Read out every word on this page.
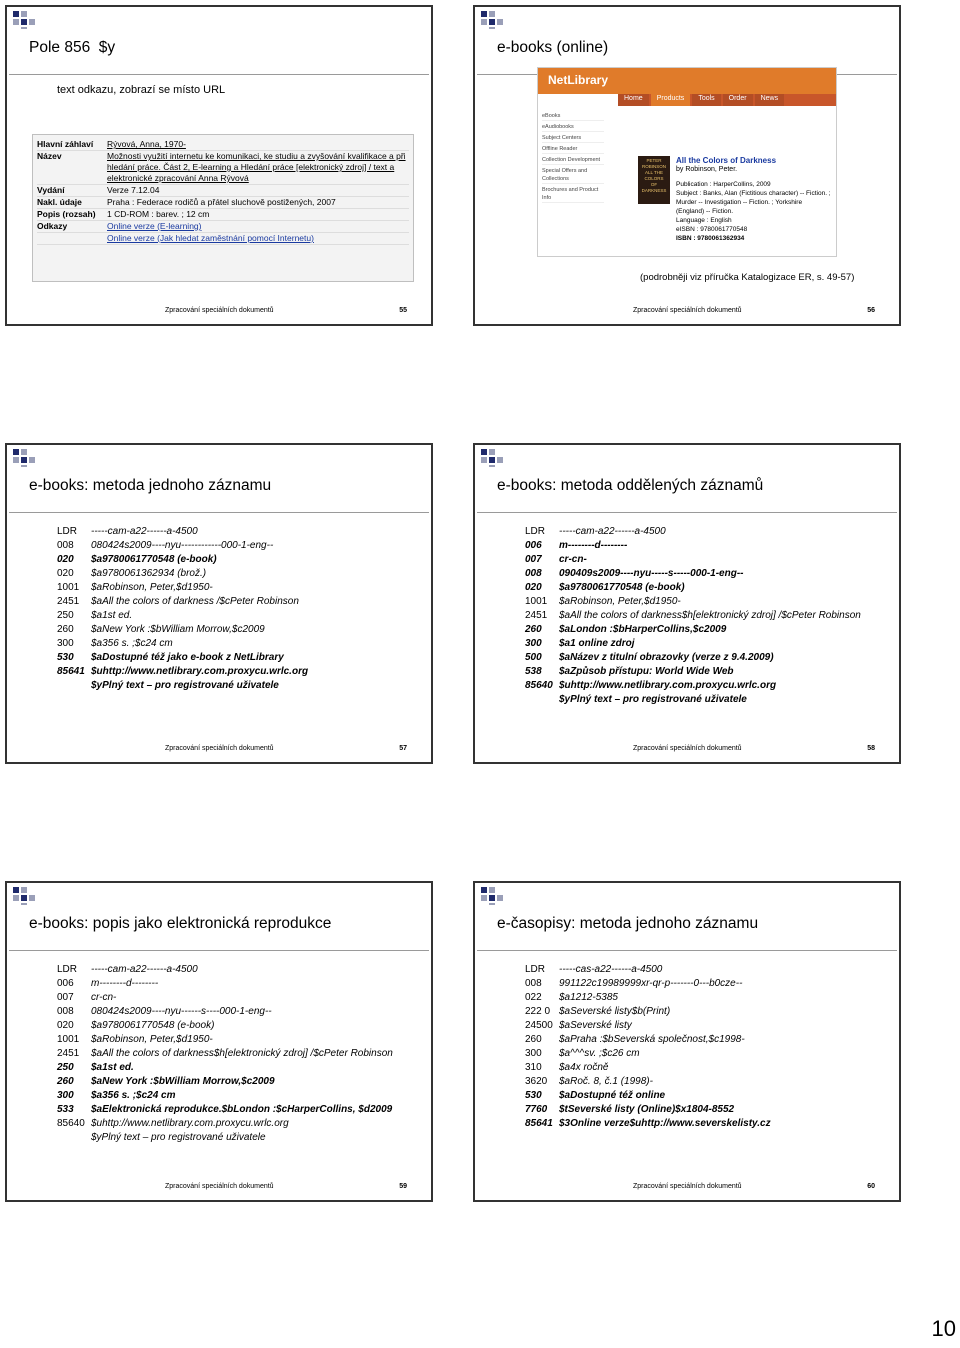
Pole 856  $y
text odkazu, zobrazí se místo URL
Hlavní záhlaví	Rývová, Anna, 1970-
Název	Možnosti využití internetu ke komunikaci, ke studiu a zvyšování kvalifikace a při hledání práce. Část 2, E-learning a Hledání práce [elektronický zdroj] / text a elektronické zpracování Anna Rývová
Vydání	Verze 7.12.04
Nakl. údaje	Praha : Federace rodičů a přátel sluchově postižených, 2007
Popis (rozsah)	1 CD-ROM : barev. ; 12 cm
Odkazy	Online verze (E-learning)
Online verze (Jak hledat zaměstnání pomocí Internetu)
Zpracování speciálních dokumentů	55
e-books (online)
NetLibrary
Home	Products	Tools	Order	News
eBooks
eAudiobooks
Subject Centers
Offline Reader
Collection Development
Special Offers and Collections
Brochures and Product Info
PETER
ROBINSON
ALL THE
COLORS
OF DARKNESS
All the Colors of Darkness
by Robinson, Peter.
Publication : HarperCollins, 2009
Subject : Banks, Alan (Fictitious character) -- Fiction. ; Murder -- Investigation -- Fiction. ; Yorkshire (England) -- Fiction.
Language : English
eISBN : 9780061770548
ISBN : 9780061362934
(podrobněji viz příručka Katalogizace ER, s. 49-57)
Zpracování speciálních dokumentů	56
e-books: metoda jednoho záznamu
LDR	-----cam-a22------a-4500
008	080424s2009----nyu------------000-1-eng--
020	$a9780061770548 (e-book)
020	$a9780061362934 (brož.)
1001	$aRobinson, Peter,$d1950-
2451	$aAll the colors of darkness /$cPeter Robinson
250	$a1st ed.
260	$aNew York :$bWilliam Morrow,$c2009
300	$a356 s. ;$c24 cm
530	$aDostupné též jako e-book z NetLibrary
85641 $uhttp://www.netlibrary.com.proxycu.wrlc.org
$yPlný text – pro registrované uživatele
Zpracování speciálních dokumentů	57
e-books: metoda oddělených záznamů
LDR	-----cam-a22------a-4500
006	m--------d--------
007	cr-cn-
008	090409s2009----nyu-----s-----000-1-eng--
020	$a9780061770548 (e-book)
1001	$aRobinson, Peter,$d1950-
2451	$aAll the colors of darkness$h[elektronický zdroj] /$cPeter Robinson
260	$aLondon :$bHarperCollins,$c2009
300	$a1 online zdroj
500	$aNázev z titulní obrazovky (verze z 9.4.2009)
538	$aZpůsob přístupu: World Wide Web
85640 $uhttp://www.netlibrary.com.proxycu.wrlc.org
$yPlný text – pro registrované uživatele
Zpracování speciálních dokumentů	58
e-books: popis jako elektronická reprodukce
LDR	-----cam-a22------a-4500
006	m--------d--------
007	cr-cn-
008	080424s2009----nyu------s----000-1-eng--
020	$a9780061770548 (e-book)
1001	$aRobinson, Peter,$d1950-
2451	$aAll the colors of darkness$h[elektronický zdroj] /$cPeter Robinson
250	$a1st ed.
260	$aNew York :$bWilliam Morrow,$c2009
300	$a356 s. ;$c24 cm
533	$aElektronická reprodukce.$bLondon :$cHarperCollins, $d2009
85640 $uhttp://www.netlibrary.com.proxycu.wrlc.org
$yPlný text – pro registrované uživatele
Zpracování speciálních dokumentů	59
e-časopisy: metoda jednoho záznamu
LDR	-----cas-a22------a-4500
008	991122c19989999xr-qr-p-------0---b0cze--
022	$a1212-5385
222 0 $aSeverské listy$b(Print)
24500 $aSeverské listy
260	$aPraha :$bSeverská společnost,$c1998-
300	$a^^^sv. ;$c26 cm
310	$a4x ročně
3620	$aRoč. 8, č.1 (1998)-
530	$aDostupné též online
7760	$tSeverské listy (Online)$x1804-8552
85641 $3Online verze$uhttp://www.severskelisty.cz
Zpracování speciálních dokumentů	60
10
